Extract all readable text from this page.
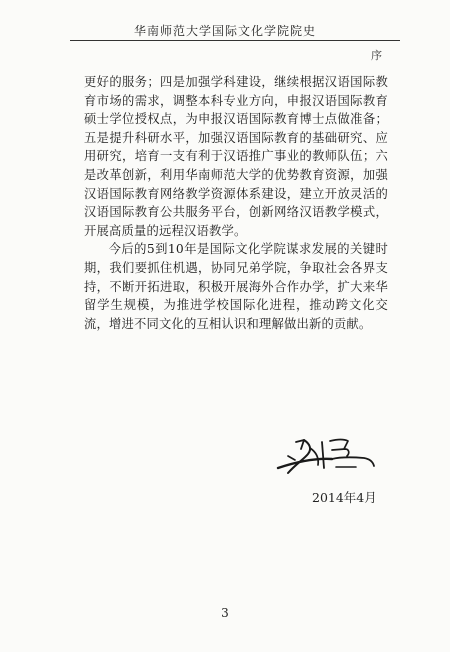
华南师范大学国际文化学院院史
序

更好的服务；四是加强学科建设，继续根据汉语国际教育市场的需求，调整本科专业方向，申报汉语国际教育硕士学位授权点，为申报汉语国际教育博士点做准备；五是提升科研水平，加强汉语国际教育的基础研究、应用研究，培育一支有利于汉语推广事业的教师队伍；六是改革创新，利用华南师范大学的优势教育资源，加强汉语国际教育网络教学资源体系建设，建立开放灵活的汉语国际教育公共服务平台，创新网络汉语教学模式，开展高质量的远程汉语教学。

今后的5到10年是国际文化学院谋求发展的关键时期，我们要抓住机遇，协同兄弟学院，争取社会各界支持，不断开拓进取，积极开展海外合作办学，扩大来华留学生规模，为推进学校国际化进程，推动跨文化交流，增进不同文化的互相认识和理解做出新的贡献。

2014年4月
3
